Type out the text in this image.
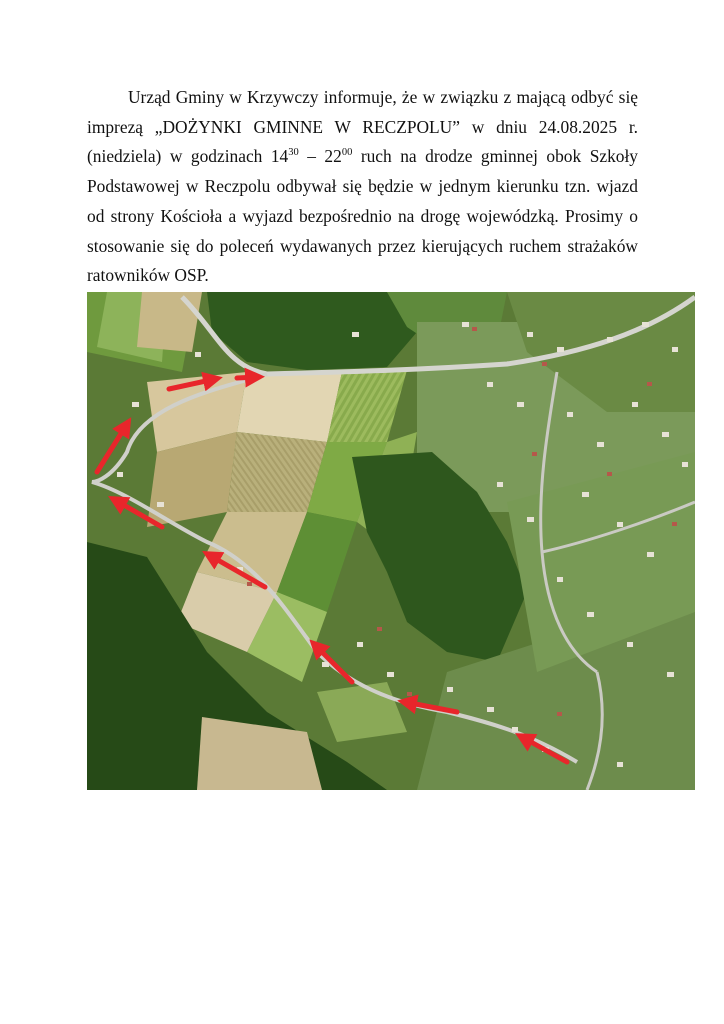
Urząd Gminy w Krzywczy informuje, że w związku z mającą odbyć się imprezą „DOŻYNKI GMINNE W RECZPOLU” w dniu 24.08.2025 r. (niedziela) w godzinach $14^{30} - 22^{00}$ ruch na drodze gminnej obok Szkoły Podstawowej w Reczpolu odbywał się będzie w jednym kierunku tzn. wjazd od strony Kościoła a wyjazd bezpośrednio na drogę wojewódzką. Prosimy o stosowanie się do poleceń wydawanych przez kierujących ruchem strażaków ratowników OSP.
